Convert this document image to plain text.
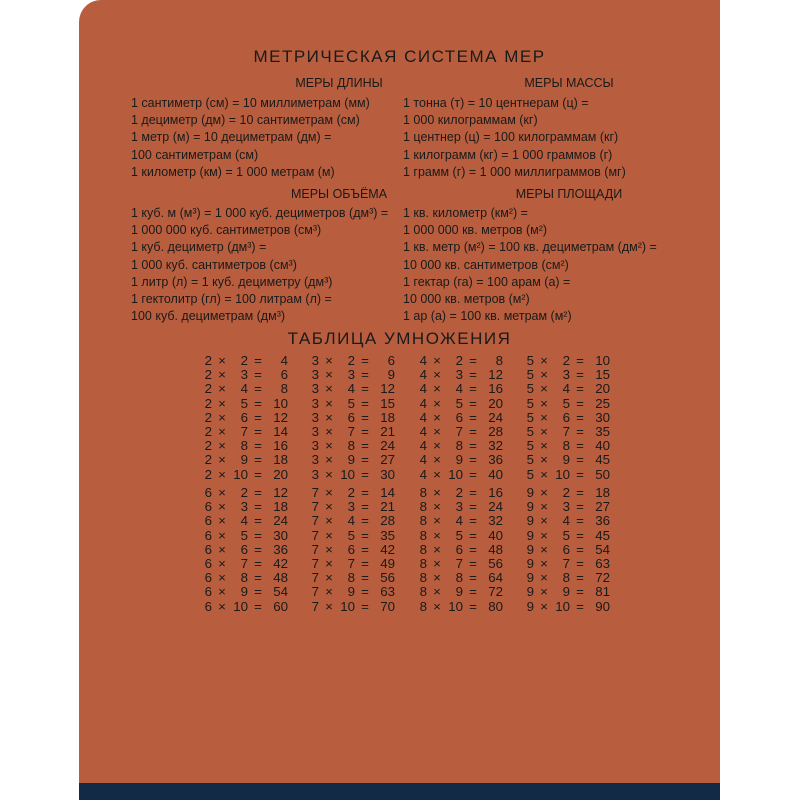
МЕТРИЧЕСКАЯ СИСТЕМА МЕР
МЕРЫ ДЛИНЫ
1 сантиметр (см) = 10 миллиметрам (мм)
1 дециметр (дм) = 10 сантиметрам (см)
1 метр (м) = 10 дециметрам (дм) =
100 сантиметрам (см)
1 километр (км) = 1 000 метрам (м)
МЕРЫ МАССЫ
1 тонна (т) = 10 центнерам (ц) =
1 000 килограммам (кг)
1 центнер (ц) = 100 килограммам (кг)
1 килограмм (кг) = 1 000 граммов (г)
1 грамм (г) = 1 000 миллиграммов (мг)
МЕРЫ ОБЪЁМА
1 куб. м (м³) = 1 000 куб. дециметров (дм³) =
1 000 000 куб. сантиметров (см³)
1 куб. дециметр (дм³) =
1 000 куб. сантиметров (см³)
1 литр (л) = 1 куб. дециметру (дм³)
1 гектолитр (гл) = 100 литрам (л) =
100 куб. дециметрам (дм³)
МЕРЫ ПЛОЩАДИ
1 кв. километр (км²) =
1 000 000 кв. метров (м²)
1 кв. метр (м²) = 100 кв. дециметрам (дм²) =
10 000 кв. сантиметров (см²)
1 гектар (га) = 100 арам (а) =
10 000 кв. метров (м²)
1 ар (а) = 100 кв. метрам (м²)
ТАБЛИЦА УМНОЖЕНИЯ
2 ×	2 =	4
2 ×	3 =	6
2 ×	4 =	8
2 ×	5 = 10
2 ×	6 = 12
2 ×	7 = 14
2 ×	8 = 16
2 ×	9 = 18
2 × 10 = 20
3 ×	2 =	6
3 ×	3 =	9
3 ×	4 = 12
3 ×	5 = 15
3 ×	6 = 18
3 ×	7 = 21
3 ×	8 = 24
3 ×	9 = 27
3 × 10 = 30
4 ×	2 =	8
4 ×	3 = 12
4 ×	4 = 16
4 ×	5 = 20
4 ×	6 = 24
4 ×	7 = 28
4 ×	8 = 32
4 ×	9 = 36
4 × 10 = 40
5 ×	2 = 10
5 ×	3 = 15
5 ×	4 = 20
5 ×	5 = 25
5 ×	6 = 30
5 ×	7 = 35
5 ×	8 = 40
5 ×	9 = 45
5 × 10 = 50
6 ×	2 = 12
6 ×	3 = 18
6 ×	4 = 24
6 ×	5 = 30
6 ×	6 = 36
6 ×	7 = 42
6 ×	8 = 48
6 ×	9 = 54
6 × 10 = 60
7 ×	2 = 14
7 ×	3 = 21
7 ×	4 = 28
7 ×	5 = 35
7 ×	6 = 42
7 ×	7 = 49
7 ×	8 = 56
7 ×	9 = 63
7 × 10 = 70
8 ×	2 = 16
8 ×	3 = 24
8 ×	4 = 32
8 ×	5 = 40
8 ×	6 = 48
8 ×	7 = 56
8 ×	8 = 64
8 ×	9 = 72
8 × 10 = 80
9 ×	2 = 18
9 ×	3 = 27
9 ×	4 = 36
9 ×	5 = 45
9 ×	6 = 54
9 ×	7 = 63
9 ×	8 = 72
9 ×	9 = 81
9 × 10 = 90
